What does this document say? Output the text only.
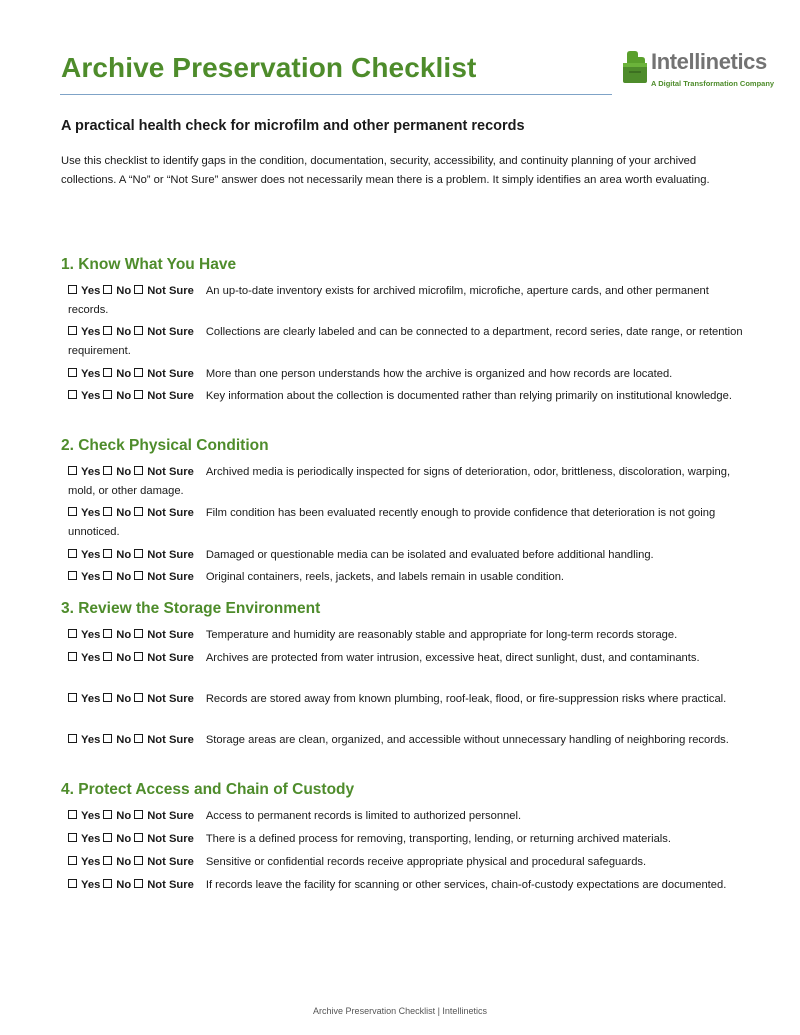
Archive Preservation Checklist	Intellinetics
A Digital Transformation Company
A practical health check for microfilm and other permanent records
Use this checklist to identify gaps in the condition, documentation, security, accessibility, and continuity planning of your archived collections. A “No” or “Not Sure” answer does not necessarily mean there is a problem. It simply identifies an area worth evaluating.
1. Know What You Have
Yes No Not Sure An up-to-date inventory exists for archived microfilm, microfiche, aperture cards, and other permanent records.
Yes No Not Sure Collections are clearly labeled and can be connected to a department, record series, date range, or retention requirement.
Yes No Not Sure More than one person understands how the archive is organized and how records are located.
Yes No Not Sure Key information about the collection is documented rather than relying primarily on institutional knowledge.
2. Check Physical Condition
Yes No Not Sure Archived media is periodically inspected for signs of deterioration, odor, brittleness, discoloration, warping, mold, or other damage.
Yes No Not Sure Film condition has been evaluated recently enough to provide confidence that deterioration is not going unnoticed.
Yes No Not Sure Damaged or questionable media can be isolated and evaluated before additional handling.
Yes No Not Sure Original containers, reels, jackets, and labels remain in usable condition.
3. Review the Storage Environment
Yes No Not Sure Temperature and humidity are reasonably stable and appropriate for long-term records storage.
Yes No Not Sure Archives are protected from water intrusion, excessive heat, direct sunlight, dust, and contaminants.
Yes No Not Sure Records are stored away from known plumbing, roof-leak, flood, or fire-suppression risks where practical.
Yes No Not Sure Storage areas are clean, organized, and accessible without unnecessary handling of neighboring records.
4. Protect Access and Chain of Custody
Yes No Not Sure Access to permanent records is limited to authorized personnel.
Yes No Not Sure There is a defined process for removing, transporting, lending, or returning archived materials.
Yes No Not Sure Sensitive or confidential records receive appropriate physical and procedural safeguards.
Yes No Not Sure If records leave the facility for scanning or other services, chain-of-custody expectations are documented.
Archive Preservation Checklist | Intellinetics
